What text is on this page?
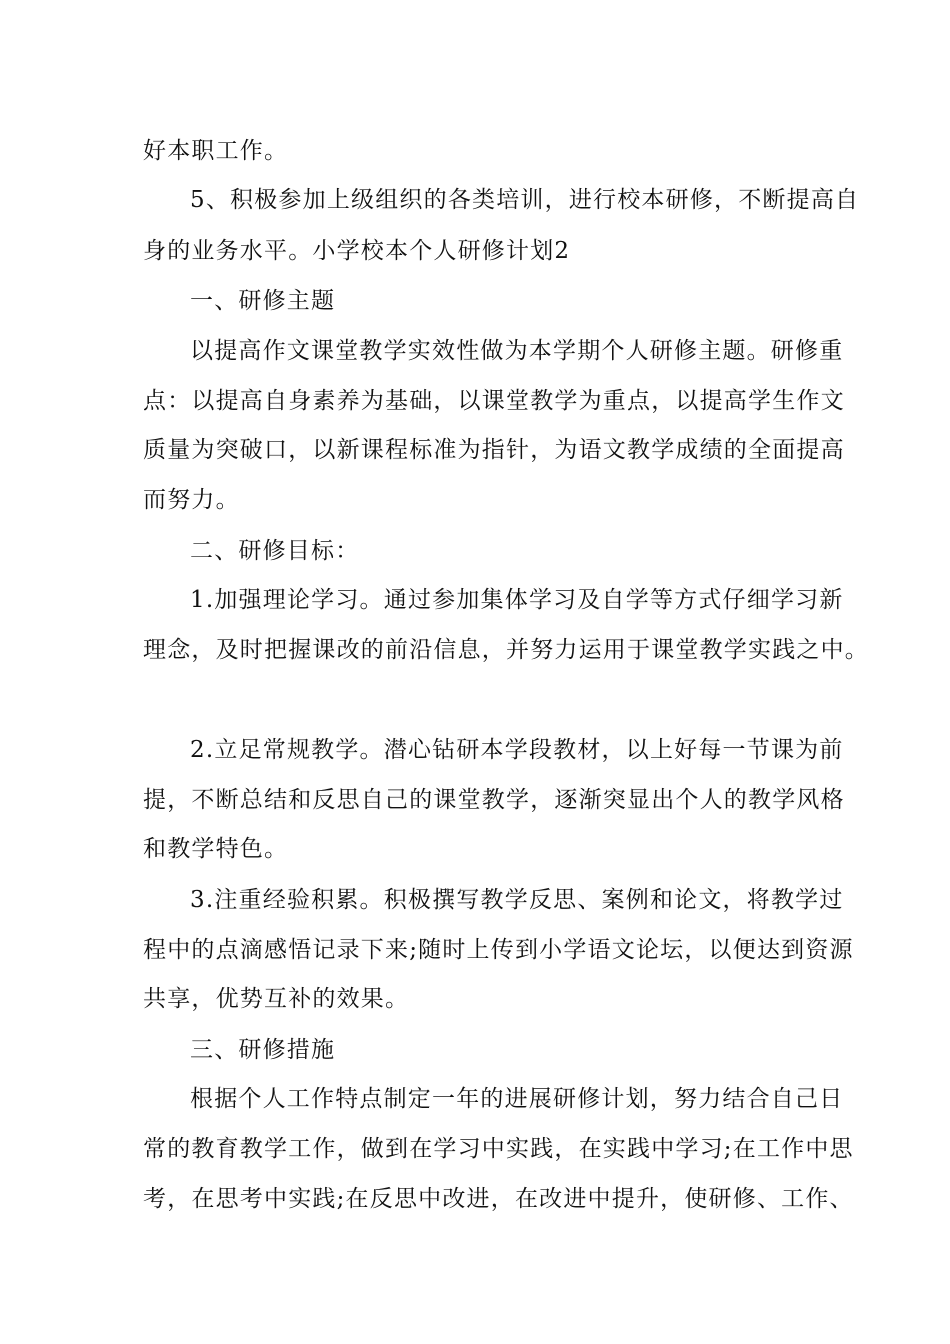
好本职工作。
5、积极参加上级组织的各类培训，进行校本研修，不断提高自
身的业务水平。小学校本个人研修计划2
一、研修主题
以提高作文课堂教学实效性做为本学期个人研修主题。研修重
点：以提高自身素养为基础，以课堂教学为重点，以提高学生作文
质量为突破口，以新课程标准为指针，为语文教学成绩的全面提高
而努力。
二、研修目标：
1.加强理论学习。通过参加集体学习及自学等方式仔细学习新
理念，及时把握课改的前沿信息，并努力运用于课堂教学实践之中。
2.立足常规教学。潜心钻研本学段教材，以上好每一节课为前
提，不断总结和反思自己的课堂教学，逐渐突显出个人的教学风格
和教学特色。
3.注重经验积累。积极撰写教学反思、案例和论文，将教学过
程中的点滴感悟记录下来;随时上传到小学语文论坛，以便达到资源
共享，优势互补的效果。
三、研修措施
根据个人工作特点制定一年的进展研修计划，努力结合自己日
常的教育教学工作，做到在学习中实践，在实践中学习;在工作中思
考，在思考中实践;在反思中改进，在改进中提升，使研修、工作、
